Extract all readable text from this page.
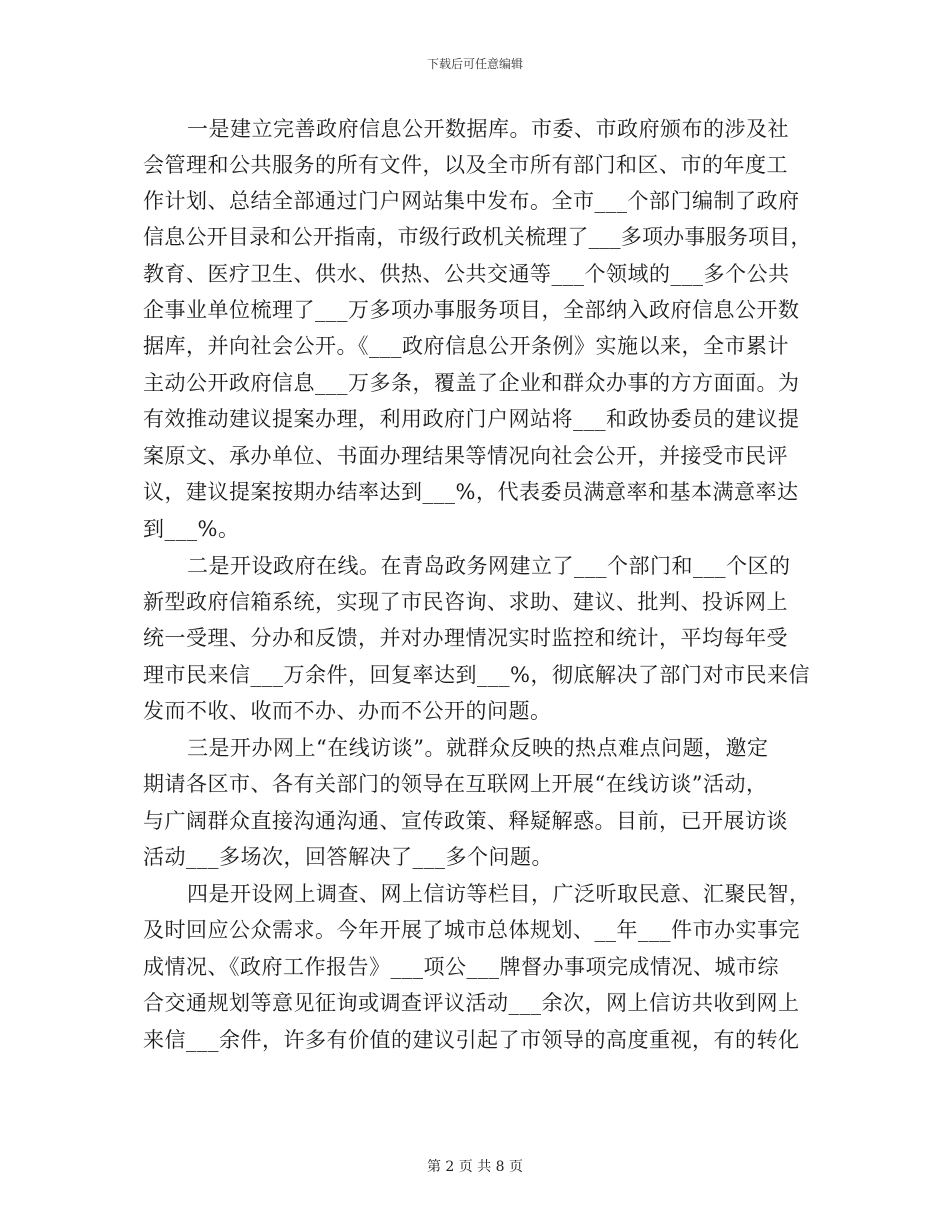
下载后可任意编辑
一是建立完善政府信息公开数据库。市委、市政府颁布的涉及社
会管理和公共服务的所有文件，以及全市所有部门和区、市的年度工
作计划、总结全部通过门户网站集中发布。全市___个部门编制了政府
信息公开目录和公开指南，市级行政机关梳理了___多项办事服务项目，
教育、医疗卫生、供水、供热、公共交通等___个领域的___多个公共
企事业单位梳理了___万多项办事服务项目，全部纳入政府信息公开数
据库，并向社会公开。《___政府信息公开条例》实施以来，全市累计
主动公开政府信息___万多条，覆盖了企业和群众办事的方方面面。为
有效推动建议提案办理，利用政府门户网站将___和政协委员的建议提
案原文、承办单位、书面办理结果等情况向社会公开，并接受市民评
议，建议提案按期办结率达到___%，代表委员满意率和基本满意率达
到___%。
二是开设政府在线。在青岛政务网建立了___个部门和___个区的
新型政府信箱系统，实现了市民咨询、求助、建议、批判、投诉网上
统一受理、分办和反馈，并对办理情况实时监控和统计，平均每年受
理市民来信___万余件，回复率达到___%，彻底解决了部门对市民来信
发而不收、收而不办、办而不公开的问题。
三是开办网上“在线访谈”。就群众反映的热点难点问题，邀定
期请各区市、各有关部门的领导在互联网上开展“在线访谈”活动，
与广阔群众直接沟通沟通、宣传政策、释疑解惑。目前，已开展访谈
活动___多场次，回答解决了___多个问题。
四是开设网上调查、网上信访等栏目，广泛听取民意、汇聚民智，
及时回应公众需求。今年开展了城市总体规划、__年___件市办实事完
成情况、《政府工作报告》___项公___牌督办事项完成情况、城市综
合交通规划等意见征询或调查评议活动___余次，网上信访共收到网上
来信___余件，许多有价值的建议引起了市领导的高度重视，有的转化
第 2 页 共 8 页
